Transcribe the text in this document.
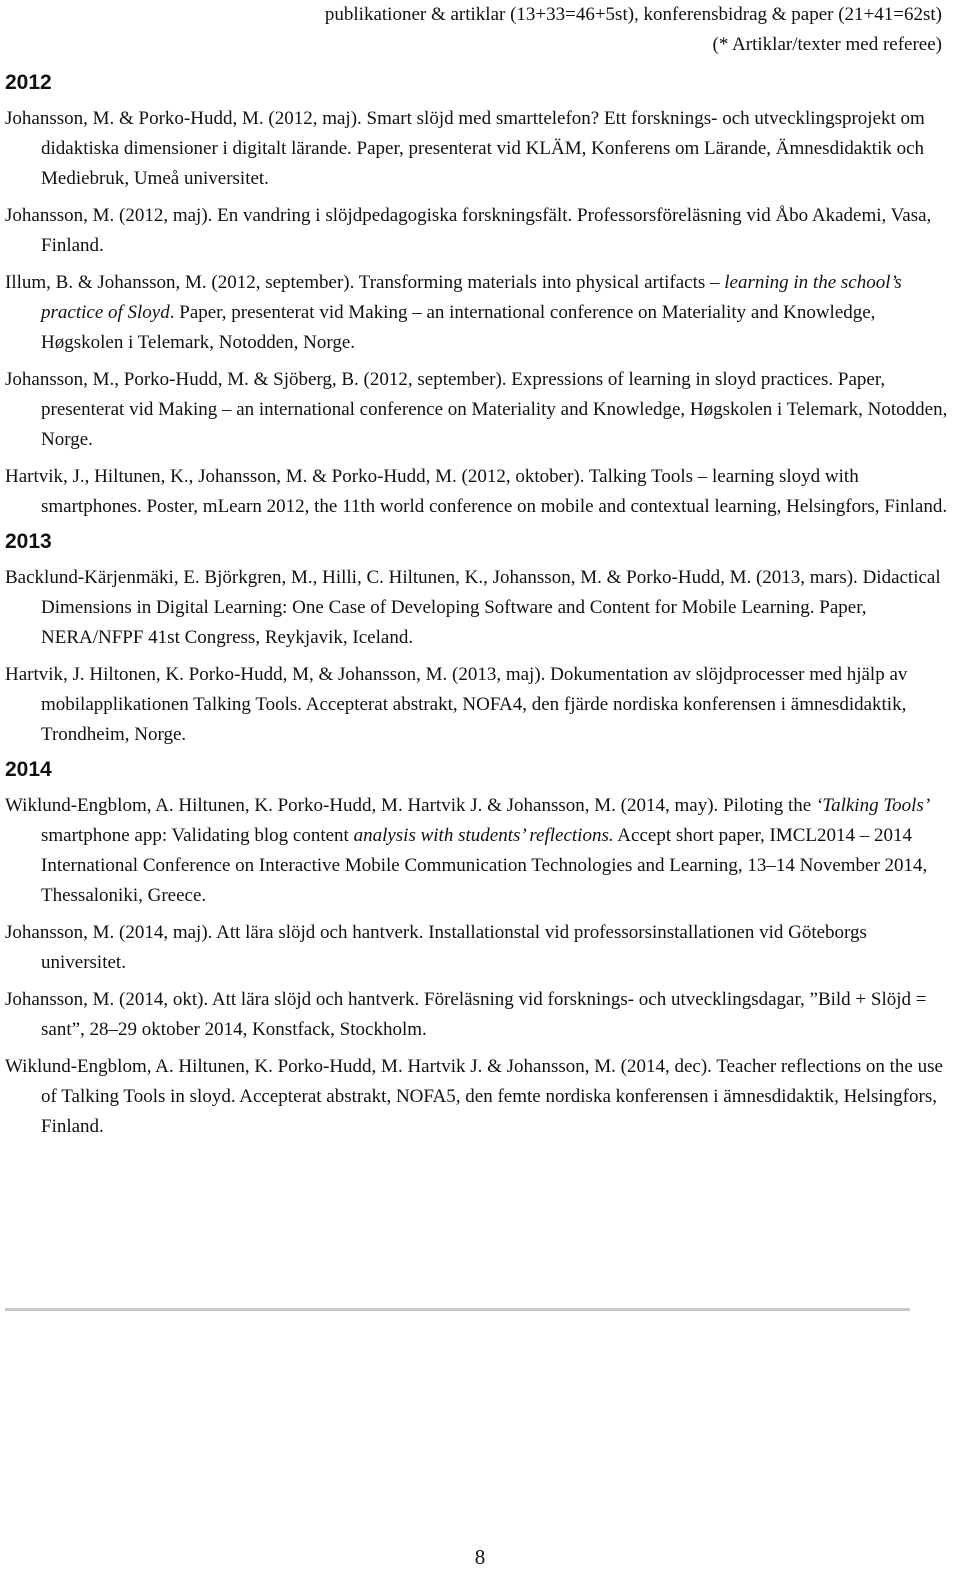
publikationer & artiklar (13+33=46+5st), konferensbidrag & paper (21+41=62st)
(* Artiklar/texter med referee)
2012

Johansson, M. & Porko-Hudd, M. (2012, maj). Smart slöjd med smarttelefon? Ett forsknings- och utvecklingsprojekt om didaktiska dimensioner i digitalt lärande. Paper, presenterat vid KLÄM, Konferens om Lärande, Ämnesdidaktik och Mediebruk, Umeå universitet.

Johansson, M. (2012, maj). En vandring i slöjdpedagogiska forskningsfält. Professorsföreläsning vid Åbo Akademi, Vasa, Finland.

Illum, B. & Johansson, M. (2012, september). Transforming materials into physical artifacts – learning in the school’s practice of Sloyd. Paper, presenterat vid Making – an international conference on Materiality and Knowledge, Høgskolen i Telemark, Notodden, Norge.

Johansson, M., Porko-Hudd, M. & Sjöberg, B. (2012, september). Expressions of learning in sloyd practices. Paper, presenterat vid Making – an international conference on Materiality and Knowledge, Høgskolen i Telemark, Notodden, Norge.

Hartvik, J., Hiltunen, K., Johansson, M. & Porko-Hudd, M. (2012, oktober). Talking Tools – learning sloyd with smartphones. Poster, mLearn 2012, the 11th world conference on mobile and contextual learning, Helsingfors, Finland.

2013

Backlund-Kärjenmäki, E. Björkgren, M., Hilli, C. Hiltunen, K., Johansson, M. & Porko-Hudd, M. (2013, mars). Didactical Dimensions in Digital Learning: One Case of Developing Software and Content for Mobile Learning. Paper, NERA/NFPF 41st Congress, Reykjavik, Iceland.

Hartvik, J. Hiltonen, K. Porko-Hudd, M, & Johansson, M. (2013, maj). Dokumentation av slöjdprocesser med hjälp av mobilapplikationen Talking Tools. Accepterat abstrakt, NOFA4, den fjärde nordiska konferensen i ämnesdidaktik, Trondheim, Norge.

2014

Wiklund-Engblom, A. Hiltunen, K. Porko-Hudd, M. Hartvik J. & Johansson, M. (2014, may). Piloting the ‘Talking Tools’ smartphone app: Validating blog content analysis with students’ reflections. Accept short paper, IMCL2014 – 2014 International Conference on Interactive Mobile Communication Technologies and Learning, 13–14 November 2014, Thessaloniki, Greece.

Johansson, M. (2014, maj). Att lära slöjd och hantverk. Installationstal vid professorsinstallationen vid Göteborgs universitet.

Johansson, M. (2014, okt). Att lära slöjd och hantverk. Föreläsning vid forsknings- och utvecklingsdagar, ”Bild + Slöjd = sant”, 28–29 oktober 2014, Konstfack, Stockholm.

Wiklund-Engblom, A. Hiltunen, K. Porko-Hudd, M. Hartvik J. & Johansson, M. (2014, dec). Teacher reflections on the use of Talking Tools in sloyd. Accepterat abstrakt, NOFA5, den femte nordiska konferensen i ämnesdidaktik, Helsingfors, Finland.

8
